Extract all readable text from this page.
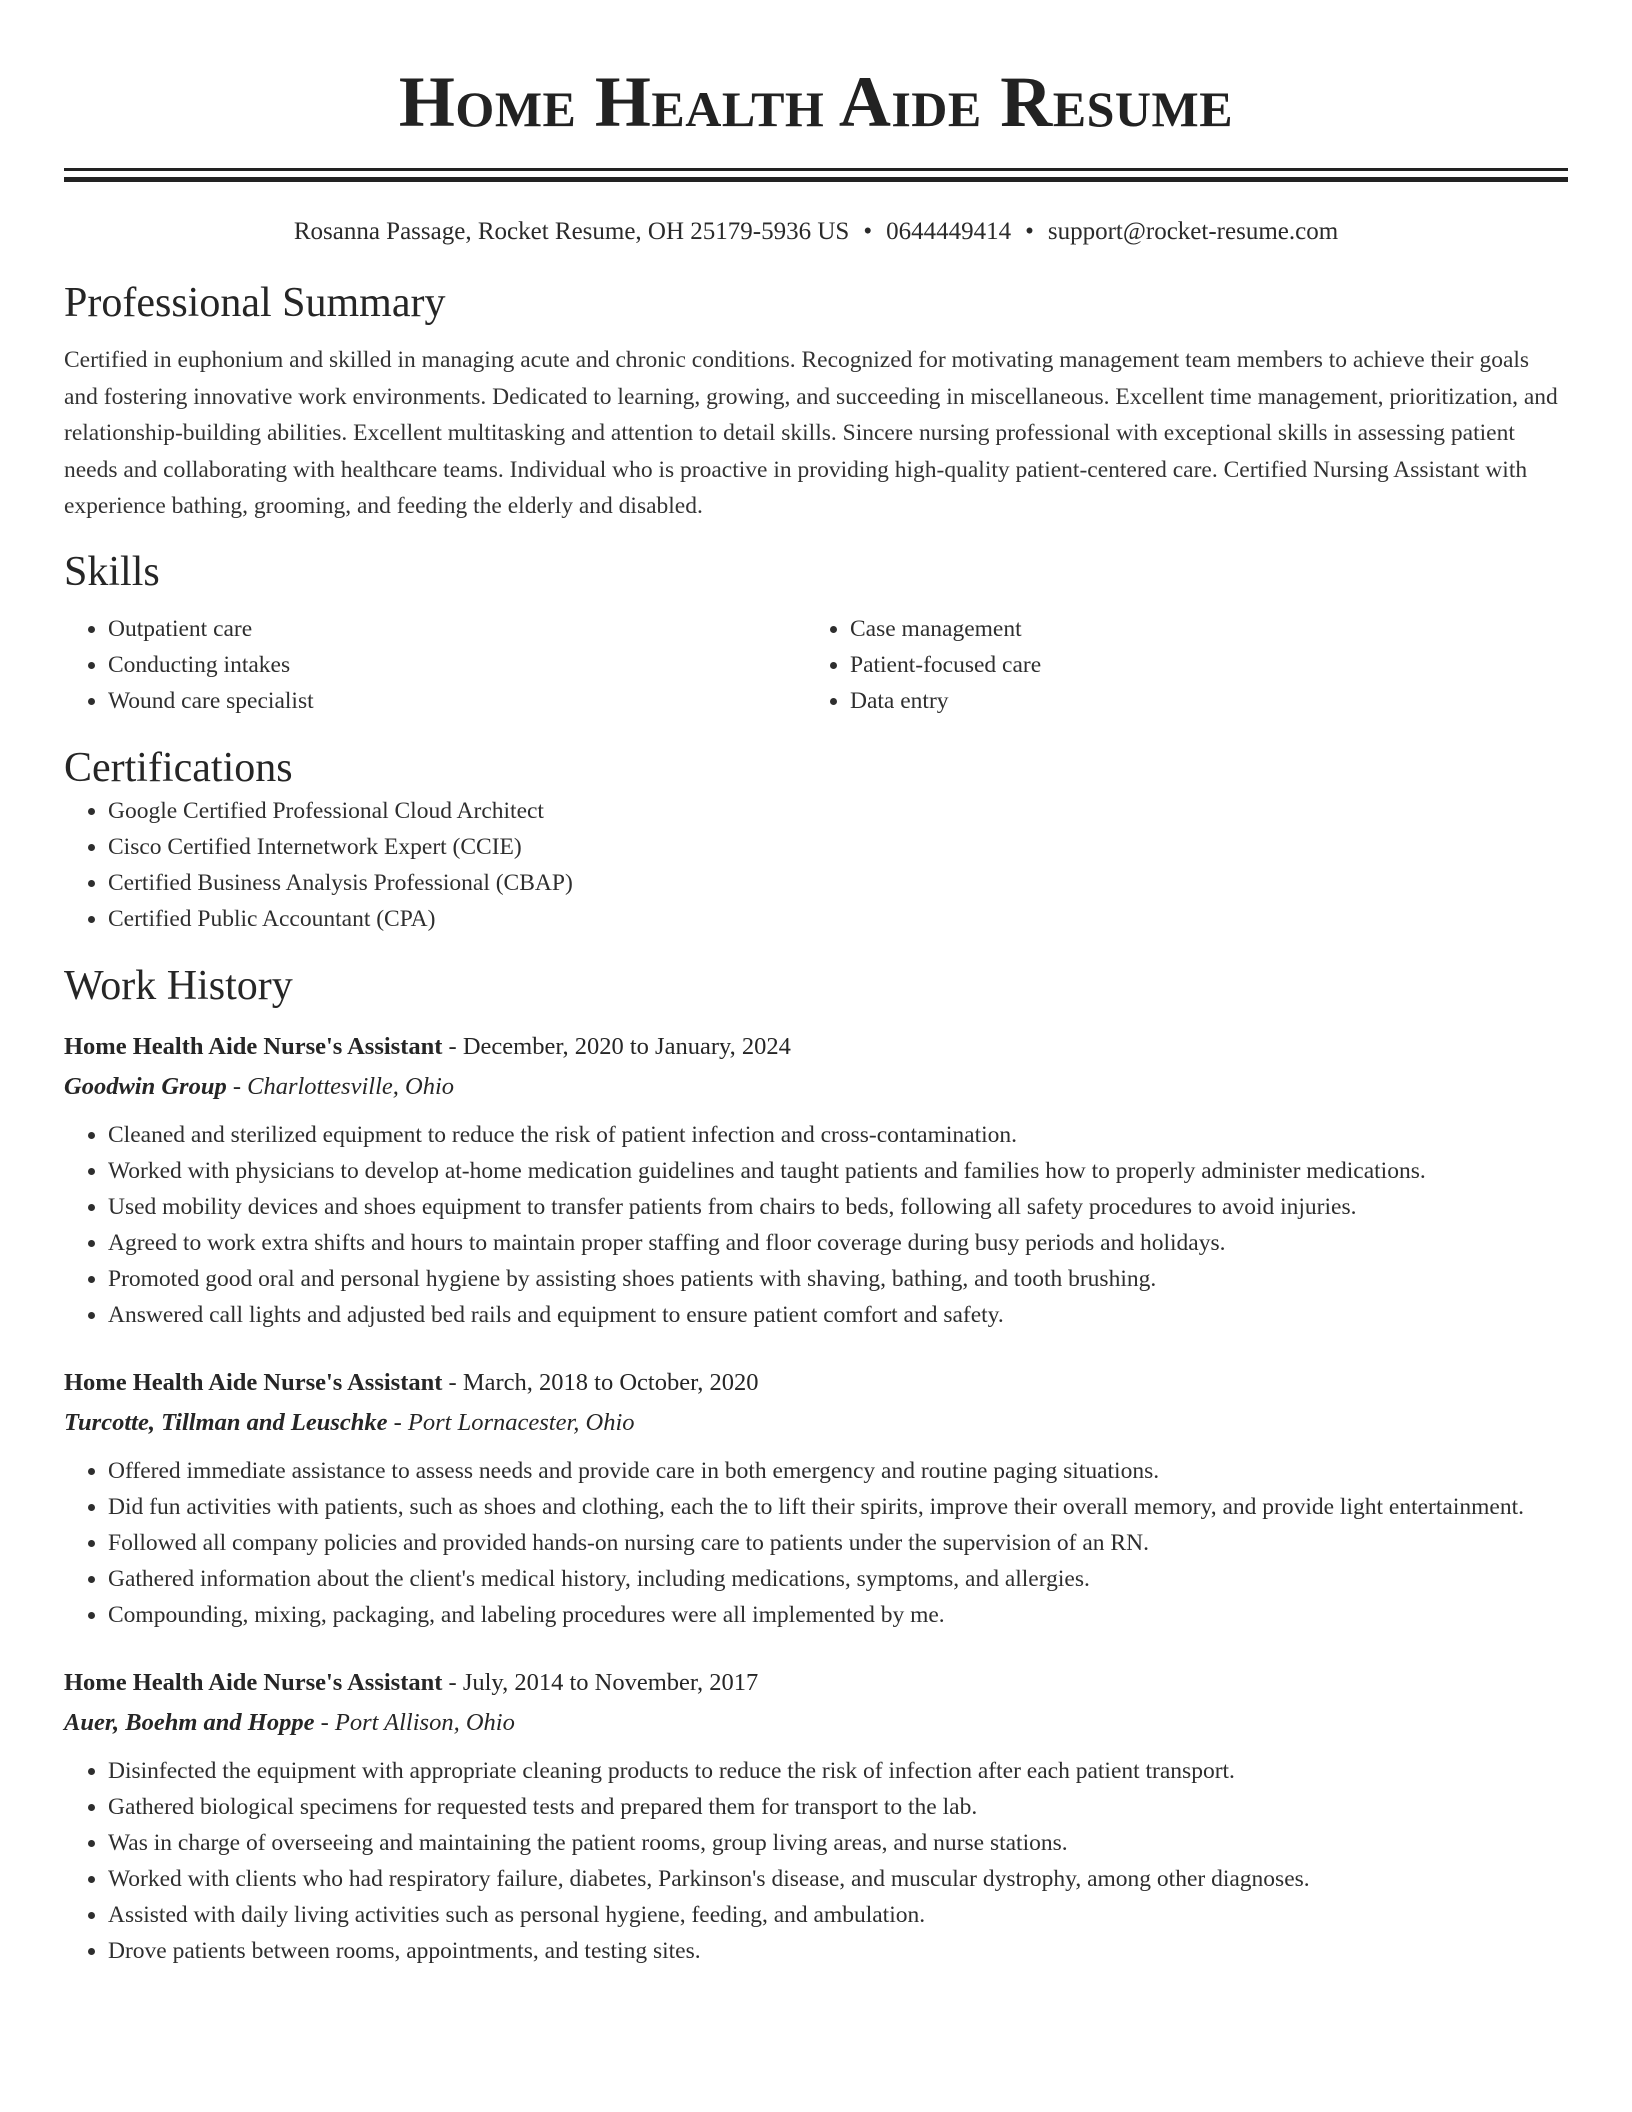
Home Health Aide Resume
Rosanna Passage, Rocket Resume, OH 25179-5936 US • 0644449414 • support@rocket-resume.com
Professional Summary
Certified in euphonium and skilled in managing acute and chronic conditions. Recognized for motivating management team members to achieve their goals and fostering innovative work environments. Dedicated to learning, growing, and succeeding in miscellaneous. Excellent time management, prioritization, and relationship-building abilities. Excellent multitasking and attention to detail skills. Sincere nursing professional with exceptional skills in assessing patient needs and collaborating with healthcare teams. Individual who is proactive in providing high-quality patient-centered care. Certified Nursing Assistant with experience bathing, grooming, and feeding the elderly and disabled.
Skills
• Outpatient care
• Conducting intakes
• Wound care specialist
• Case management
• Patient-focused care
• Data entry
Certifications
• Google Certified Professional Cloud Architect
• Cisco Certified Internetwork Expert (CCIE)
• Certified Business Analysis Professional (CBAP)
• Certified Public Accountant (CPA)
Work History
Home Health Aide Nurse's Assistant - December, 2020 to January, 2024
Goodwin Group - Charlottesville, Ohio
• Cleaned and sterilized equipment to reduce the risk of patient infection and cross-contamination.
• Worked with physicians to develop at-home medication guidelines and taught patients and families how to properly administer medications.
• Used mobility devices and shoes equipment to transfer patients from chairs to beds, following all safety procedures to avoid injuries.
• Agreed to work extra shifts and hours to maintain proper staffing and floor coverage during busy periods and holidays.
• Promoted good oral and personal hygiene by assisting shoes patients with shaving, bathing, and tooth brushing.
• Answered call lights and adjusted bed rails and equipment to ensure patient comfort and safety.
Home Health Aide Nurse's Assistant - March, 2018 to October, 2020
Turcotte, Tillman and Leuschke - Port Lornacester, Ohio
• Offered immediate assistance to assess needs and provide care in both emergency and routine paging situations.
• Did fun activities with patients, such as shoes and clothing, each the to lift their spirits, improve their overall memory, and provide light entertainment.
• Followed all company policies and provided hands-on nursing care to patients under the supervision of an RN.
• Gathered information about the client's medical history, including medications, symptoms, and allergies.
• Compounding, mixing, packaging, and labeling procedures were all implemented by me.
Home Health Aide Nurse's Assistant - July, 2014 to November, 2017
Auer, Boehm and Hoppe - Port Allison, Ohio
• Disinfected the equipment with appropriate cleaning products to reduce the risk of infection after each patient transport.
• Gathered biological specimens for requested tests and prepared them for transport to the lab.
• Was in charge of overseeing and maintaining the patient rooms, group living areas, and nurse stations.
• Worked with clients who had respiratory failure, diabetes, Parkinson's disease, and muscular dystrophy, among other diagnoses.
• Assisted with daily living activities such as personal hygiene, feeding, and ambulation.
• Drove patients between rooms, appointments, and testing sites.
